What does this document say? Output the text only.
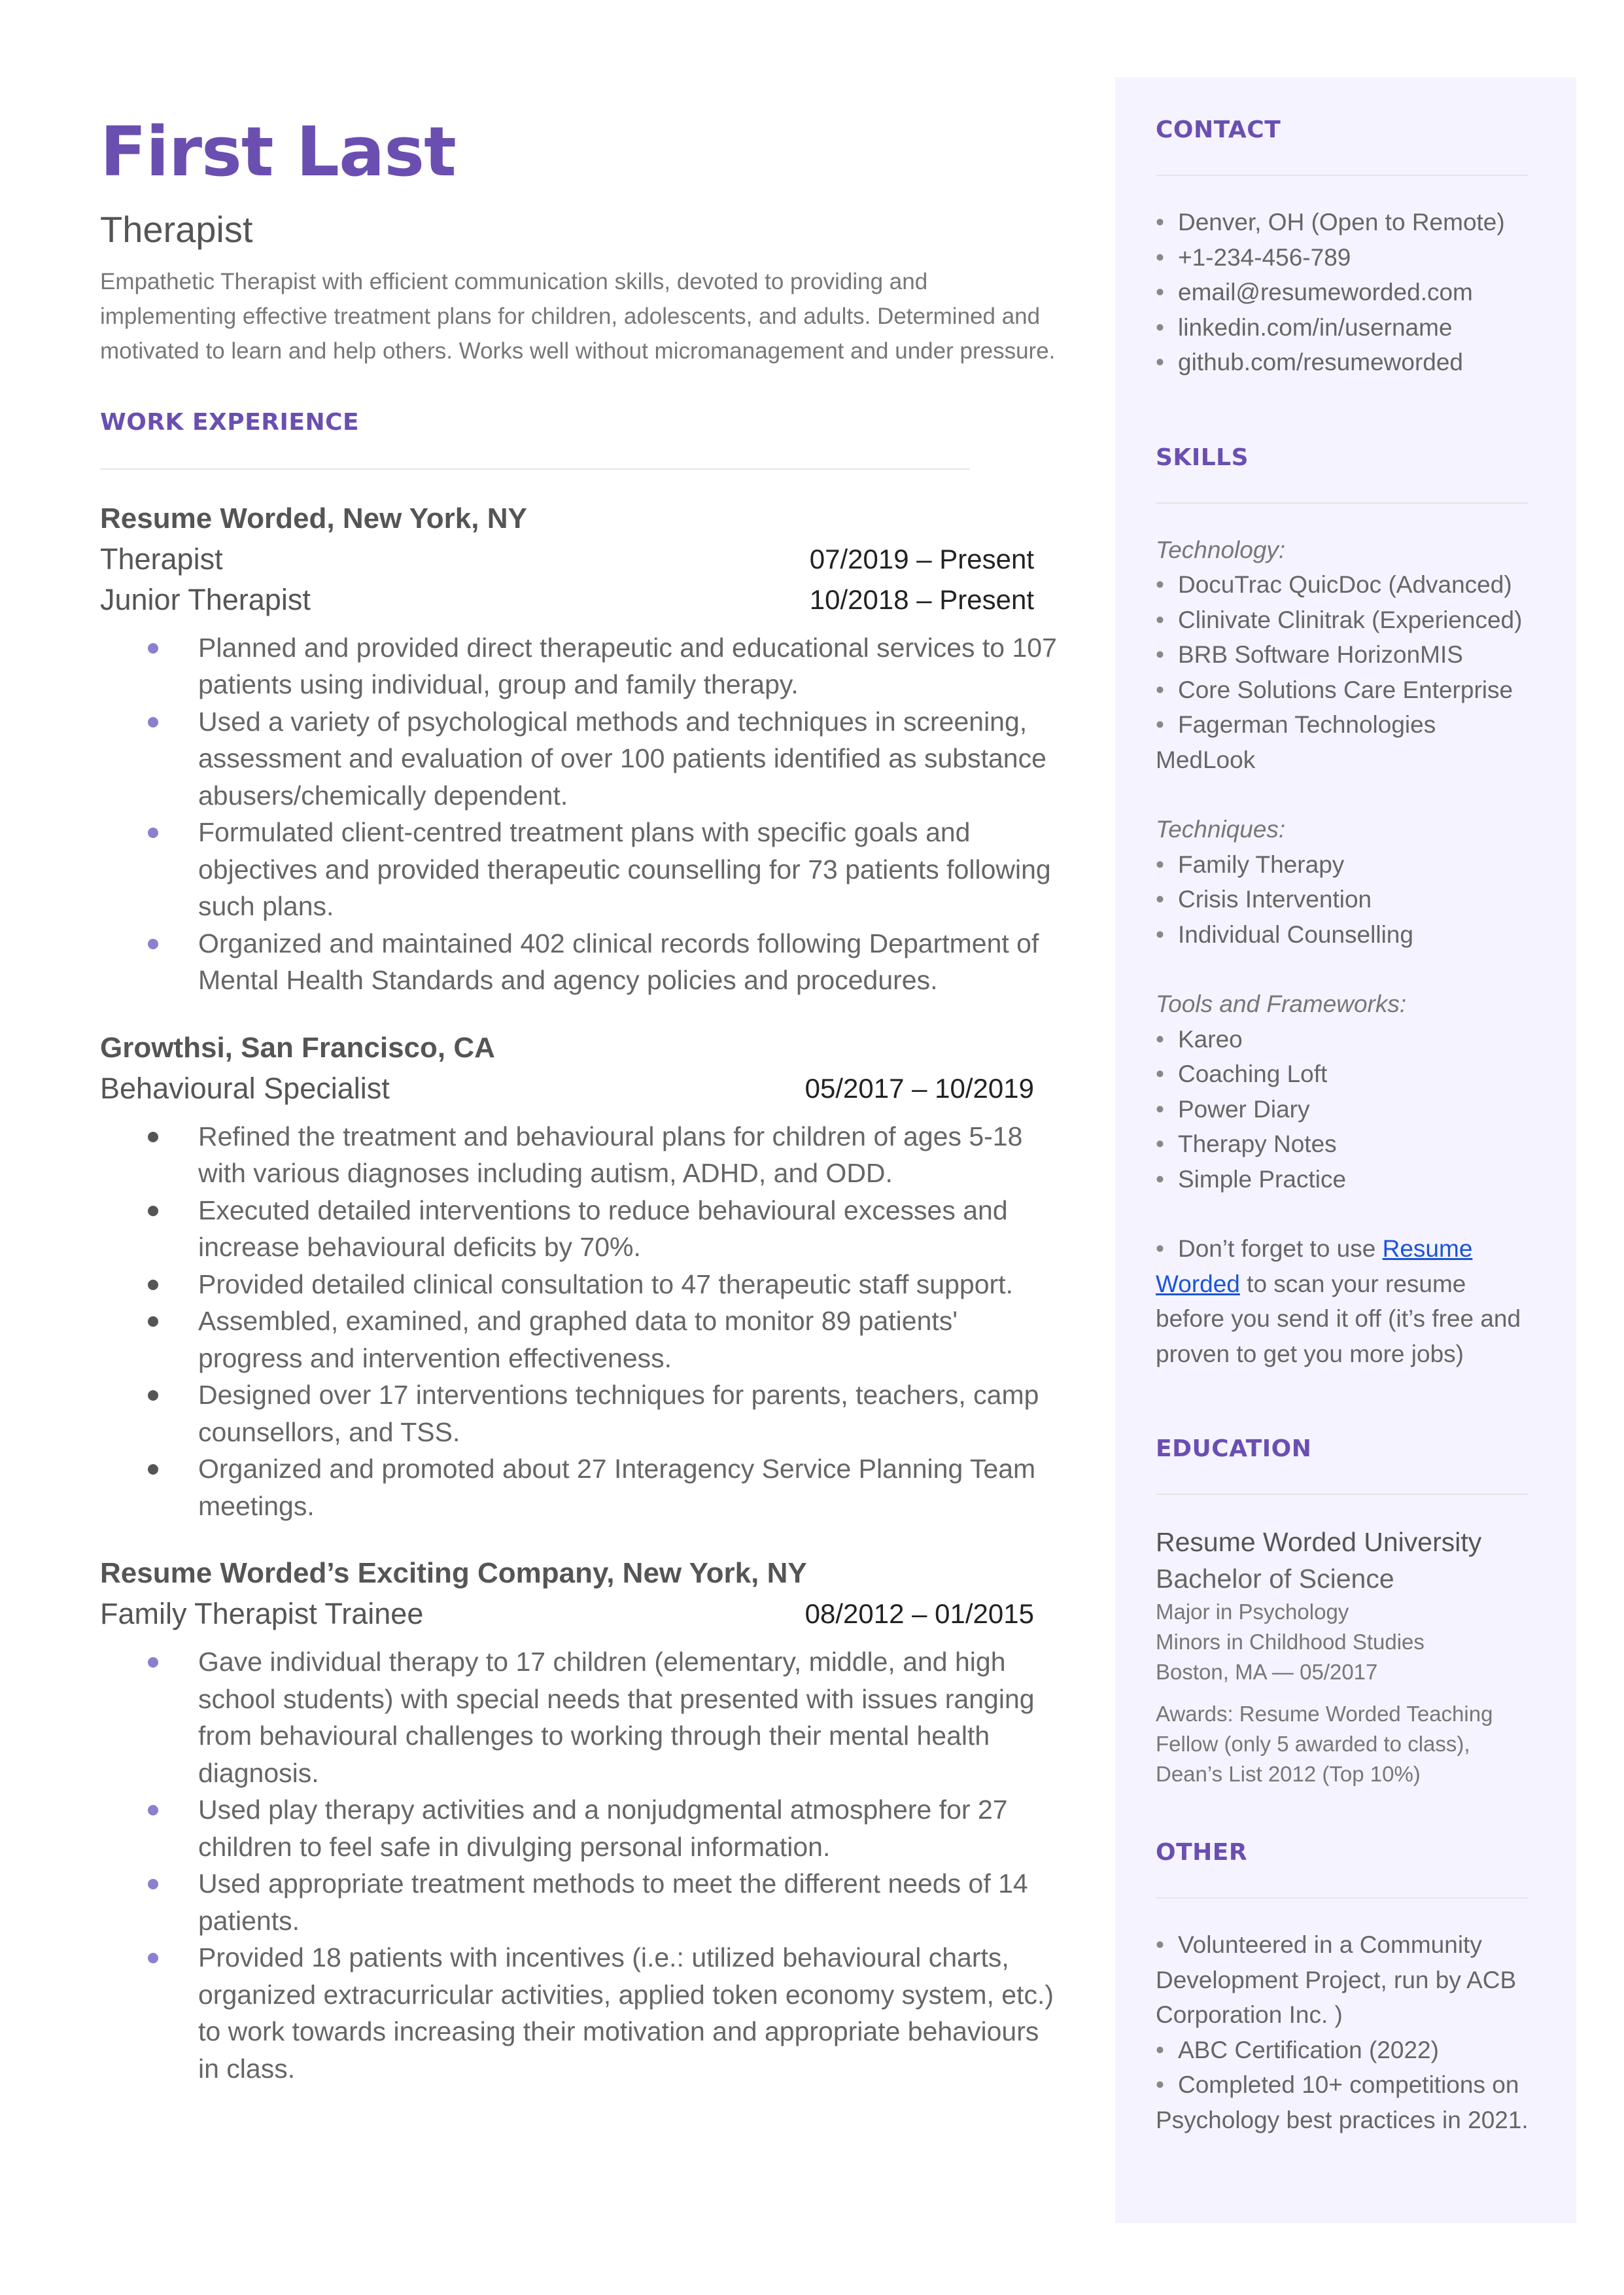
First Last
Therapist

Empathetic Therapist with efficient communication skills, devoted to providing and implementing effective treatment plans for children, adolescents, and adults. Determined and motivated to learn and help others. Works well without micromanagement and under pressure.

WORK EXPERIENCE
Resume Worded, New York, NY
Therapist	07/2019 – Present
Junior Therapist	10/2018 – Present
Planned and provided direct therapeutic and educational services to 107 patients using individual, group and family therapy.
Used a variety of psychological methods and techniques in screening, assessment and evaluation of over 100 patients identified as substance abusers/chemically dependent.
Formulated client-centred treatment plans with specific goals and objectives and provided therapeutic counselling for 73 patients following such plans.
Organized and maintained 402 clinical records following Department of Mental Health Standards and agency policies and procedures.
Growthsi, San Francisco, CA
Behavioural Specialist	05/2017 – 10/2019
Refined the treatment and behavioural plans for children of ages 5-18 with various diagnoses including autism, ADHD, and ODD.
Executed detailed interventions to reduce behavioural excesses and increase behavioural deficits by 70%.
Provided detailed clinical consultation to 47 therapeutic staff support.
Assembled, examined, and graphed data to monitor 89 patients' progress and intervention effectiveness.
Designed over 17 interventions techniques for parents, teachers, camp counsellors, and TSS.
Organized and promoted about 27 Interagency Service Planning Team meetings.
Resume Worded’s Exciting Company, New York, NY
Family Therapist Trainee	08/2012 – 01/2015
Gave individual therapy to 17 children (elementary, middle, and high school students) with special needs that presented with issues ranging from behavioural challenges to working through their mental health diagnosis.
Used play therapy activities and a nonjudgmental atmosphere for 27 children to feel safe in divulging personal information.
Used appropriate treatment methods to meet the different needs of 14 patients.
Provided 18 patients with incentives (i.e.: utilized behavioural charts, organized extracurricular activities, applied token economy system, etc.) to work towards increasing their motivation and appropriate behaviours in class.
CONTACT
• Denver, OH (Open to Remote)
• +1-234-456-789
• email@resumeworded.com
• linkedin.com/in/username
• github.com/resumeworded
SKILLS

Technology:

• DocuTrac QuicDoc (Advanced)
• Clinivate Clinitrak (Experienced)
• BRB Software HorizonMIS
• Core Solutions Care Enterprise
• Fagerman Technologies MedLook

Techniques:

• Family Therapy
• Crisis Intervention
• Individual Counselling

Tools and Frameworks:

• Kareo
• Coaching Loft
• Power Diary
• Therapy Notes
• Simple Practice

• Don’t forget to use Resume Worded to scan your resume before you send it off (it’s free and proven to get you more jobs)

EDUCATION

Resume Worded University

Bachelor of Science

Major in Psychology

Minors in Childhood Studies

Boston, MA — 05/2017

Awards: Resume Worded Teaching Fellow (only 5 awarded to class), Dean’s List 2012 (Top 10%)

OTHER
• Volunteered in a Community Development Project, run by ACB Corporation Inc. )
• ABC Certification (2022)
• Completed 10+ competitions on Psychology best practices in 2021.
